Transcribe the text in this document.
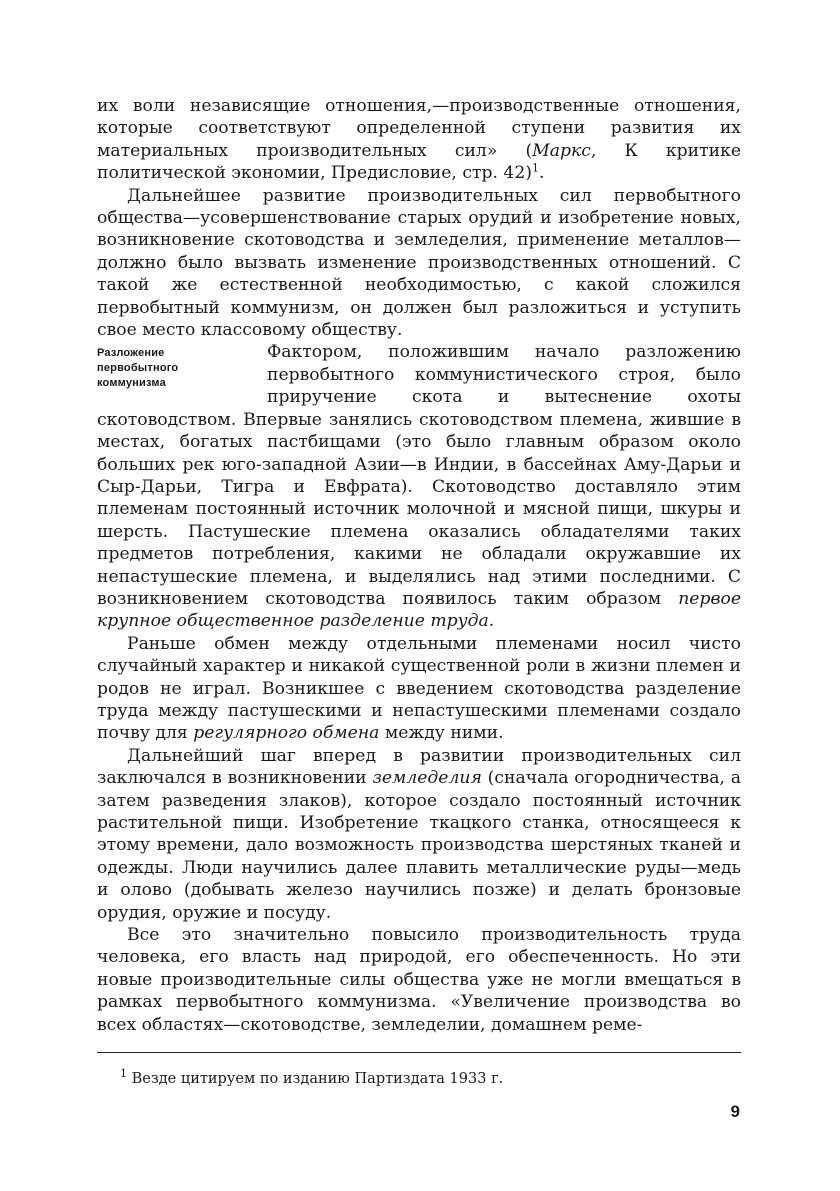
их воли независящие отношения,—производственные отношения, которые соответствуют определенной ступени развития их материальных производительных сил» (Маркс, К критике политической экономии, Предисловие, стр. 42)$^1$.

Дальнейшее развитие производительных сил первобытного общества—усовершенствование старых орудий и изобретение новых, возникновение скотоводства и земледелия, применение металлов—должно было вызвать изменение производственных отношений. С такой же естественной необходимостью, с какой сложился первобытный коммунизм, он должен был разложиться и уступить свое место классовому обществу.

Разложение
первобытного
коммунизма

Фактором, положившим начало разложению первобытного коммунистического строя, было приручение скота и вытеснение охоты скотоводством. Впервые занялись скотоводством племена, жившие в местах, богатых пастбищами (это было главным образом около больших рек юго-западной Азии—в Индии, в бассейнах Аму-Дарьи и Сыр-Дарьи, Тигра и Евфрата). Скотоводство доставляло этим племенам постоянный источник молочной и мясной пищи, шкуры и шерсть. Пастушеские племена оказались обладателями таких предметов потребления, какими не обладали окружавшие их непастушеские племена, и выделялись над этими последними. С возникновением скотоводства появилось таким образом первое крупное общественное разделение труда.

Раньше обмен между отдельными племенами носил чисто случайный характер и никакой существенной роли в жизни племен и родов не играл. Возникшее с введением скотоводства разделение труда между пастушескими и непастушескими племенами создало почву для регулярного обмена между ними.

Дальнейший шаг вперед в развитии производительных сил заключался в возникновении земледелия (сначала огородничества, а затем разведения злаков), которое создало постоянный источник растительной пищи. Изобретение ткацкого станка, относящееся к этому времени, дало возможность производства шерстяных тканей и одежды. Люди научились далее плавить металлические руды—медь и олово (добывать железо научились позже) и делать бронзовые орудия, оружие и посуду.

Все это значительно повысило производительность труда человека, его власть над природой, его обеспеченность. Но эти новые производительные силы общества уже не могли вмещаться в рамках первобытного коммунизма. «Увеличение производства во всех областях—скотоводстве, земледелии, домашнем реме-

$^1$ Везде цитируем по изданию Партиздата 1933 г.
9
